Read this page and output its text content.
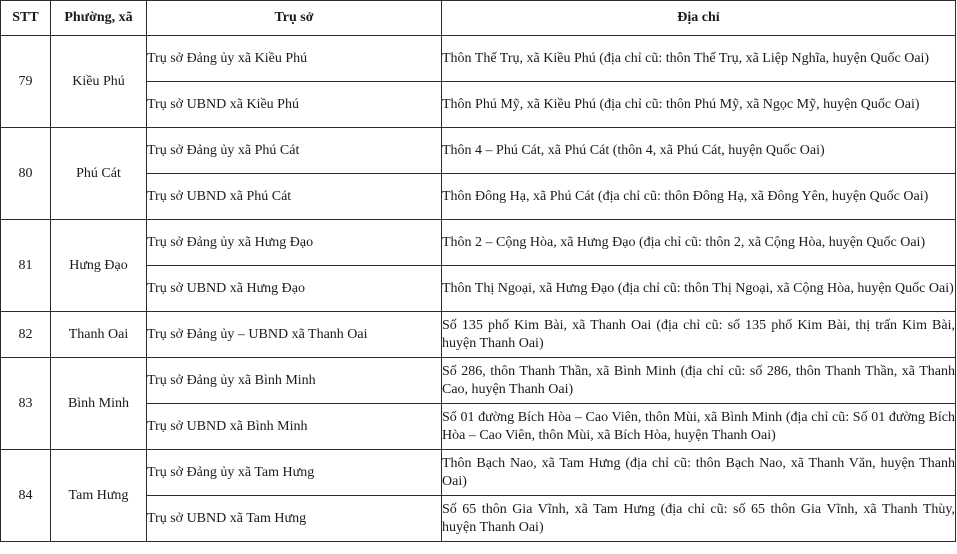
STT	Phường, xã	Trụ sở	Địa chỉ
79	Kiều Phú	Trụ sở Đảng ủy xã Kiều Phú	Thôn Thế Trụ, xã Kiều Phú (địa chỉ cũ: thôn Thế Trụ, xã Liệp Nghĩa, huyện Quốc Oai)
		Trụ sở UBND xã Kiều Phú	Thôn Phú Mỹ, xã Kiều Phú (địa chỉ cũ: thôn Phú Mỹ, xã Ngọc Mỹ, huyện Quốc Oai)
80	Phú Cát	Trụ sở Đảng ủy xã Phú Cát	Thôn 4 – Phú Cát, xã Phú Cát (thôn 4, xã Phú Cát, huyện Quốc Oai)
		Trụ sở UBND xã Phú Cát	Thôn Đông Hạ, xã Phú Cát (địa chỉ cũ: thôn Đông Hạ, xã Đông Yên, huyện Quốc Oai)
81	Hưng Đạo	Trụ sở Đảng ủy xã Hưng Đạo	Thôn 2 – Cộng Hòa, xã Hưng Đạo (địa chỉ cũ: thôn 2, xã Cộng Hòa, huyện Quốc Oai)
		Trụ sở UBND xã Hưng Đạo	Thôn Thị Ngoại, xã Hưng Đạo (địa chỉ cũ: thôn Thị Ngoại, xã Cộng Hòa, huyện Quốc Oai)
82	Thanh Oai	Trụ sở Đảng ủy – UBND xã Thanh Oai	Số 135 phố Kim Bài, xã Thanh Oai (địa chỉ cũ: số 135 phố Kim Bài, thị trấn Kim Bài, huyện Thanh Oai)
83	Bình Minh	Trụ sở Đảng ủy xã Bình Minh	Số 286, thôn Thanh Thần, xã Bình Minh (địa chỉ cũ: số 286, thôn Thanh Thần, xã Thanh Cao, huyện Thanh Oai)
		Trụ sở UBND xã Bình Minh	Số 01 đường Bích Hòa – Cao Viên, thôn Mùi, xã Bình Minh (địa chỉ cũ: Số 01 đường Bích Hòa – Cao Viên, thôn Mùi, xã Bích Hòa, huyện Thanh Oai)
84	Tam Hưng	Trụ sở Đảng ủy xã Tam Hưng	Thôn Bạch Nao, xã Tam Hưng (địa chỉ cũ: thôn Bạch Nao, xã Thanh Văn, huyện Thanh Oai)
		Trụ sở UBND xã Tam Hưng	Số 65 thôn Gia Vĩnh, xã Tam Hưng (địa chỉ cũ: số 65 thôn Gia Vĩnh, xã Thanh Thùy, huyện Thanh Oai)
